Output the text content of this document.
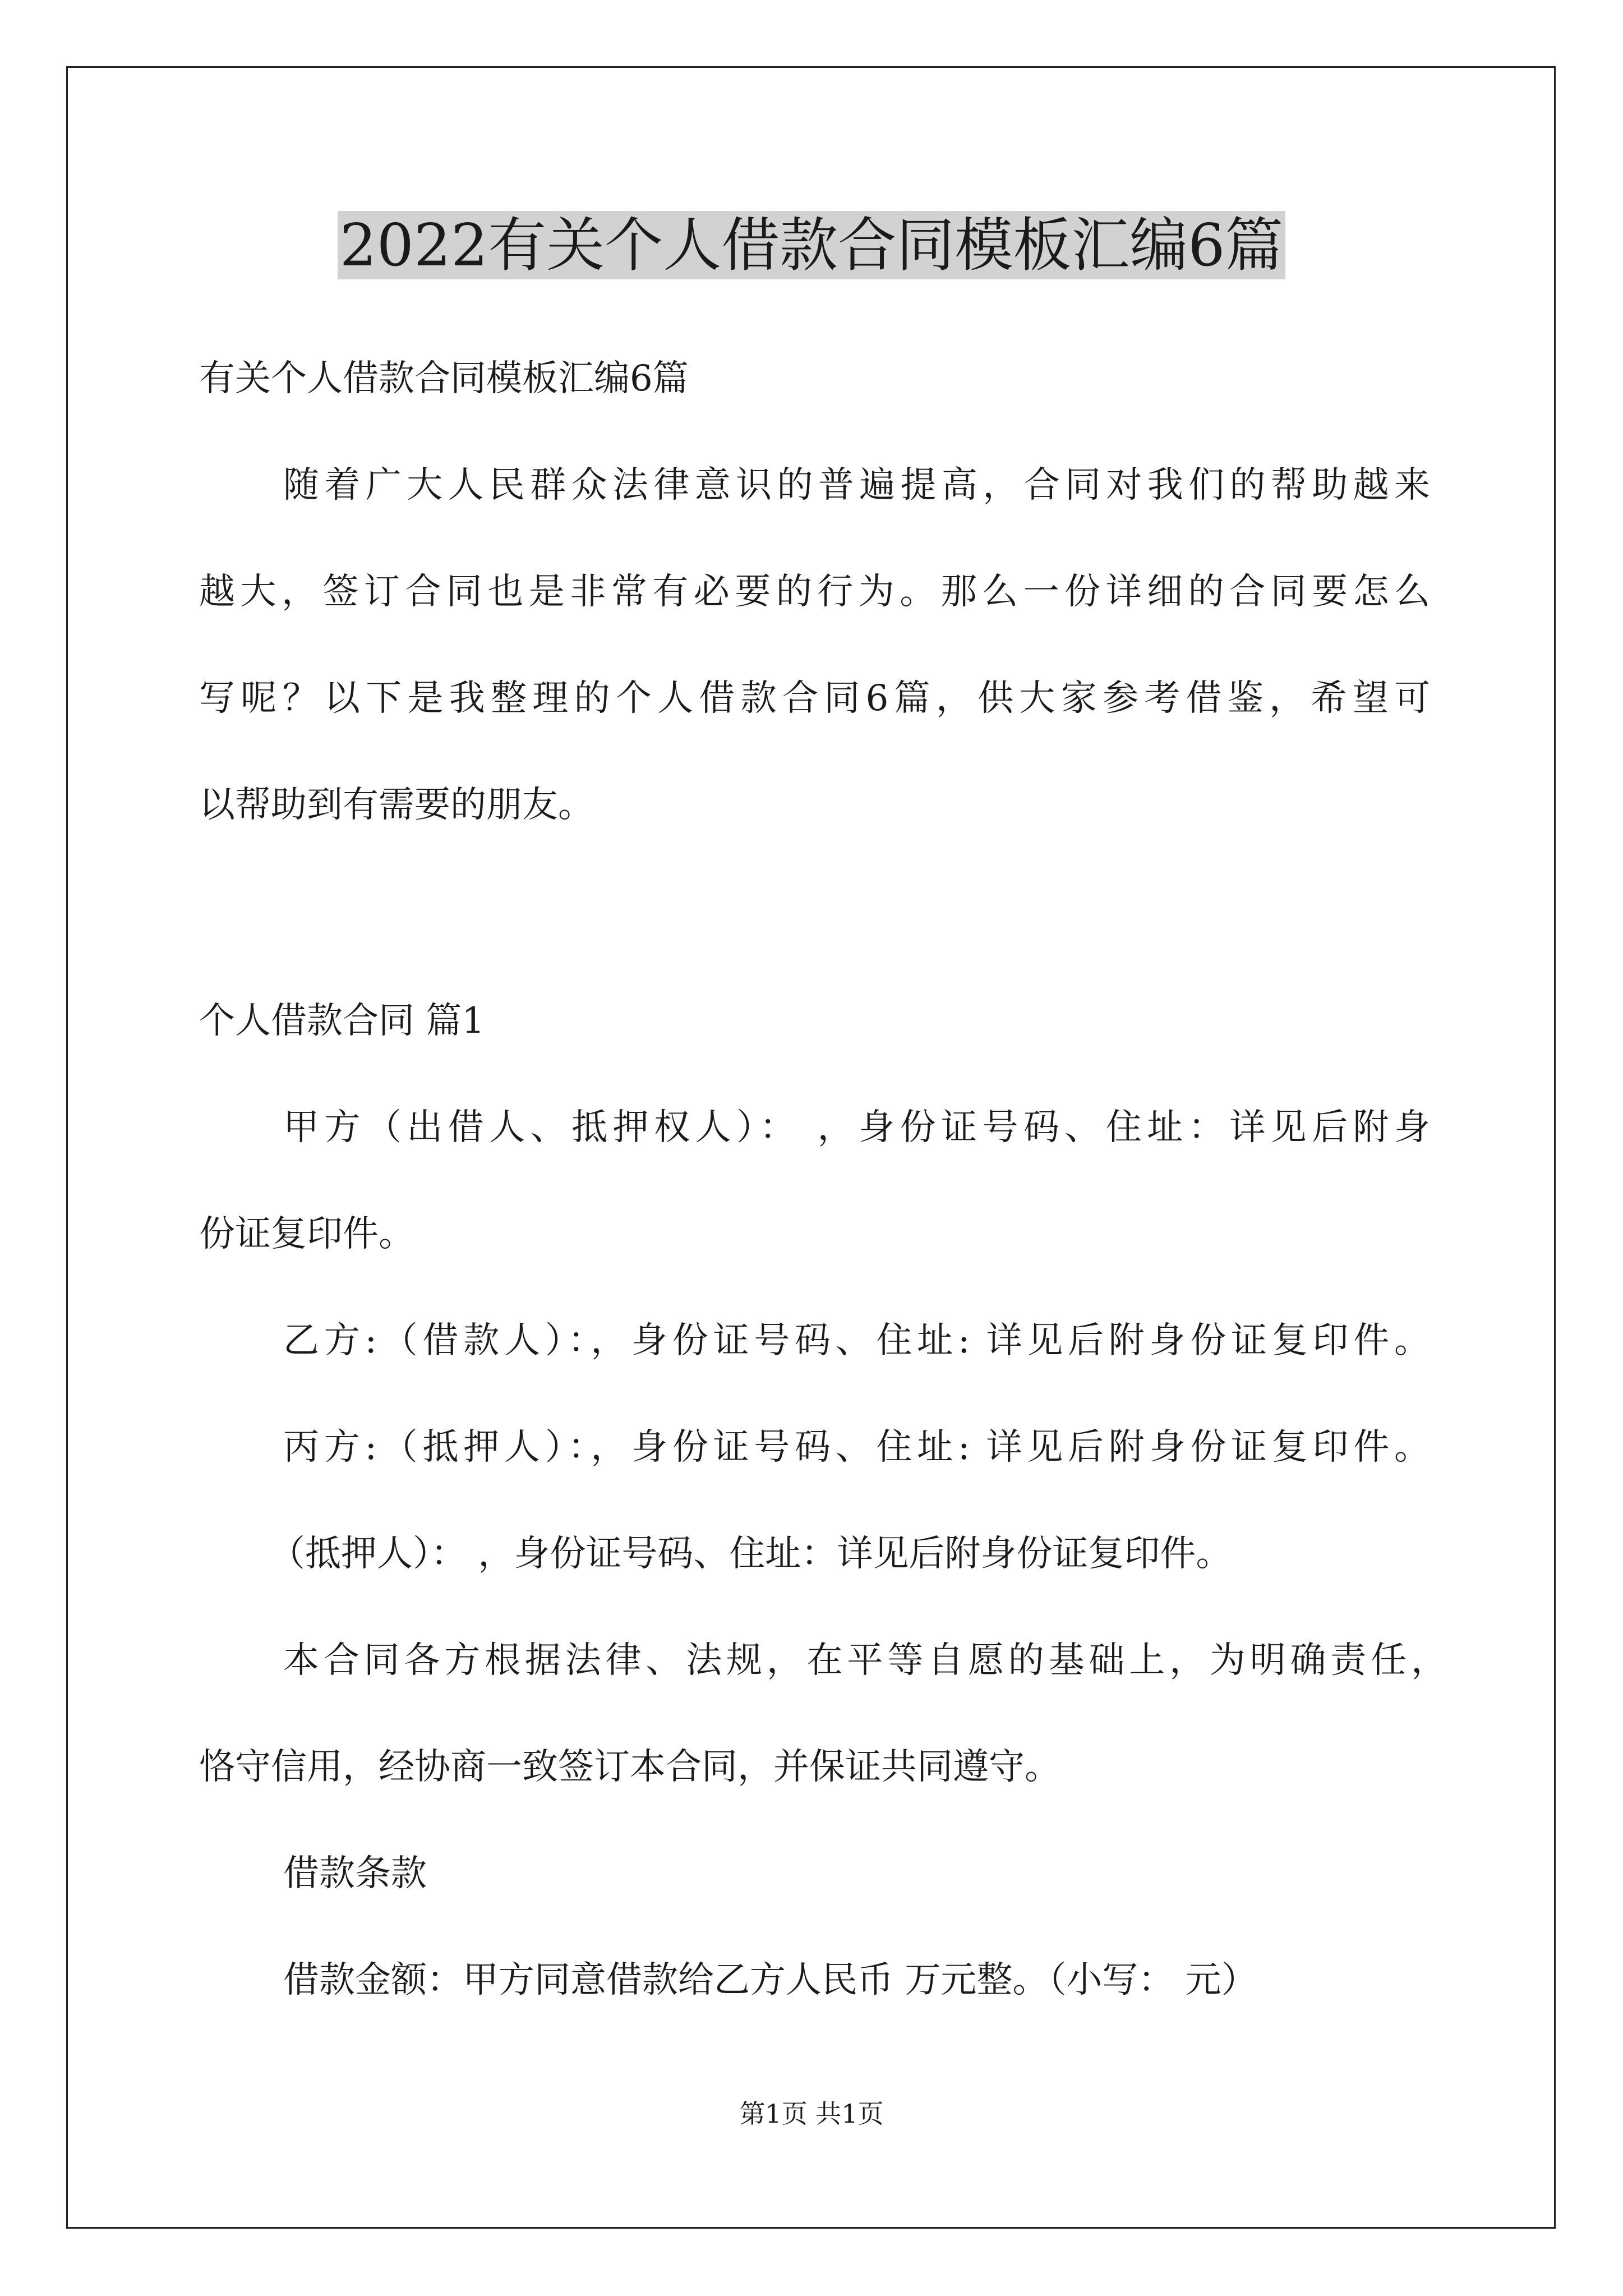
2022有关个人借款合同模板汇编6篇
有关个人借款合同模板汇编6篇
随着广大人民群众法律意识的普遍提高，合同对我们的帮助越来
越大，签订合同也是非常有必要的行为。那么一份详细的合同要怎么
写呢？以下是我整理的个人借款合同6篇，供大家参考借鉴，希望可
以帮助到有需要的朋友。
个人借款合同 篇1
甲方（出借人、抵押权人）： ，身份证号码、住址：详见后附身
份证复印件。
乙方:（借款人）：，身份证号码、住址: 详见后附身份证复印件。
丙方:（抵押人）：，身份证号码、住址: 详见后附身份证复印件。
（抵押人）： ，身份证号码、住址：详见后附身份证复印件。
本合同各方根据法律、法规，在平等自愿的基础上，为明确责任，
恪守信用，经协商一致签订本合同，并保证共同遵守。
借款条款
借款金额：甲方同意借款给乙方人民币 万元整。（小写： 元）
第1页 共1页
